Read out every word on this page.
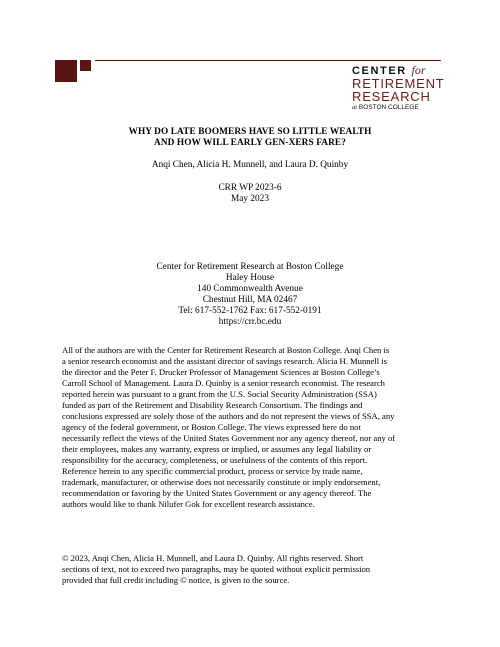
CENTER for
RETIREMENT
RESEARCH
at BOSTON COLLEGE
WHY DO LATE BOOMERS HAVE SO LITTLE WEALTH
AND HOW WILL EARLY GEN-XERS FARE?
Anqi Chen, Alicia H. Munnell, and Laura D. Quinby
CRR WP 2023-6
May 2023
Center for Retirement Research at Boston College
Haley House
140 Commonwealth Avenue
Chestnut Hill, MA 02467
Tel: 617-552-1762 Fax: 617-552-0191
https://crr.bc.edu
All of the authors are with the Center for Retirement Research at Boston College. Anqi Chen is
a senior research economist and the assistant director of savings research. Alicia H. Munnell is
the director and the Peter F. Drucker Professor of Management Sciences at Boston College’s
Carroll School of Management. Laura D. Quinby is a senior research economist. The research
reported herein was pursuant to a grant from the U.S. Social Security Administration (SSA)
funded as part of the Retirement and Disability Research Consortium. The findings and
conclusions expressed are solely those of the authors and do not represent the views of SSA, any
agency of the federal government, or Boston College. The views expressed here do not
necessarily reflect the views of the United States Government nor any agency thereof, nor any of
their employees, makes any warranty, express or implied, or assumes any legal liability or
responsibility for the accuracy, completeness, or usefulness of the contents of this report.
Reference herein to any specific commercial product, process or service by trade name,
trademark, manufacturer, or otherwise does not necessarily constitute or imply endorsement,
recommendation or favoring by the United States Government or any agency thereof. The
authors would like to thank Nilufer Gok for excellent research assistance.
© 2023, Anqi Chen, Alicia H. Munnell, and Laura D. Quinby. All rights reserved. Short
sections of text, not to exceed two paragraphs, may be quoted without explicit permission
provided that full credit including © notice, is given to the source.
